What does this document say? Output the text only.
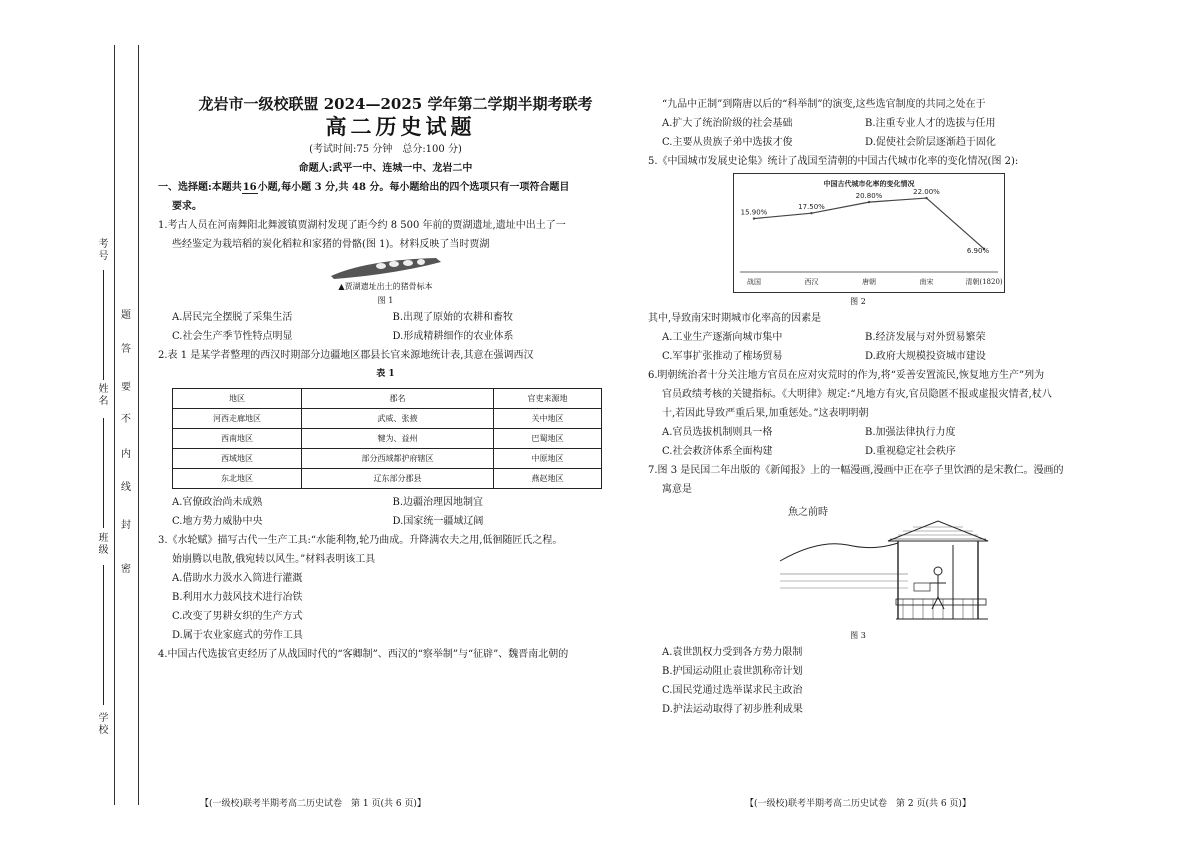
考号
姓名
班级
学校
密
封
线
内
不
要
答
题
龙岩市一级校联盟 2024—2025 学年第二学期半期考联考
高二历史试题
(考试时间:75 分钟　总分:100 分)
命题人:武平一中、连城一中、龙岩二中
一、选择题:本题共16小题,每小题 3 分,共 48 分。每小题给出的四个选项只有一项符合题目
要求。
1.考古人员在河南舞阳北舞渡镇贾湖村发现了距今约 8 500 年前的贾湖遗址,遗址中出土了一
些经鉴定为栽培稻的炭化稻粒和家猪的骨骼(图 1)。材料反映了当时贾湖
▲贾湖遗址出土的猪骨标本
图 1
A.居民完全摆脱了采集生活	B.出现了原始的农耕和畜牧
C.社会生产季节性特点明显	D.形成精耕细作的农业体系
2.表 1 是某学者整理的西汉时期部分边疆地区郡县长官来源地统计表,其意在强调西汉
表 1
地区	郡名	官吏来源地
河西走廊地区	武威、张掖	关中地区
西南地区	犍为、益州	巴蜀地区
西域地区	部分西域都护府辖区	中原地区
东北地区	辽东部分郡县	燕赵地区
A.官僚政治尚未成熟	B.边疆治理因地制宜
C.地方势力威胁中央	D.国家统一疆域辽阔
3.《水轮赋》描写古代一生产工具:“水能利物,轮乃曲成。升降满农夫之用,低徊随匠氏之程。
始崩腾以电散,俄宛转以风生。”材料表明该工具
A.借助水力汲水入筒进行灌溉
B.利用水力鼓风技术进行冶铁
C.改变了男耕女织的生产方式
D.属于农业家庭式的劳作工具
4.中国古代选拔官吏经历了从战国时代的“客卿制”、西汉的“察举制”与“征辟”、魏晋南北朝的
【(一级校)联考半期考高二历史试卷　第 1 页(共 6 页)】
“九品中正制”到隋唐以后的“科举制”的演变,这些选官制度的共同之处在于
A.扩大了统治阶级的社会基础	B.注重专业人才的选拔与任用
C.主要从贵族子弟中选拔才俊	D.促使社会阶层逐渐趋于固化
5.《中国城市发展史论集》统计了战国至清朝的中国古代城市化率的变化情况(图 2):
中国古代城市化率的变化情况
15.90%
战国
17.50%
西汉
20.80%
唐朝
22.00%
南宋
6.90%
清朝(1820)
图 2
其中,导致南宋时期城市化率高的因素是
A.工业生产逐渐向城市集中	B.经济发展与对外贸易繁荣
C.军事扩张推动了榷场贸易	D.政府大规模投资城市建设
6.明朝统治者十分关注地方官员在应对灾荒时的作为,将“妥善安置流民,恢复地方生产”列为
官员政绩考核的关键指标。《大明律》规定:“凡地方有灾,官员隐匿不报或虚报灾情者,杖八
十,若因此导致严重后果,加重惩处。”这表明明朝
A.官员选拔机制则具一格	B.加强法律执行力度
C.社会救济体系全面构建	D.重视稳定社会秩序
7.图 3 是民国二年出版的《新闻报》上的一幅漫画,漫画中正在亭子里饮酒的是宋教仁。漫画的
寓意是
魚之前時
图 3
A.袁世凯权力受到各方势力限制
B.护国运动阻止袁世凯称帝计划
C.国民党通过选举谋求民主政治
D.护法运动取得了初步胜利成果
【(一级校)联考半期考高二历史试卷　第 2 页(共 6 页)】
